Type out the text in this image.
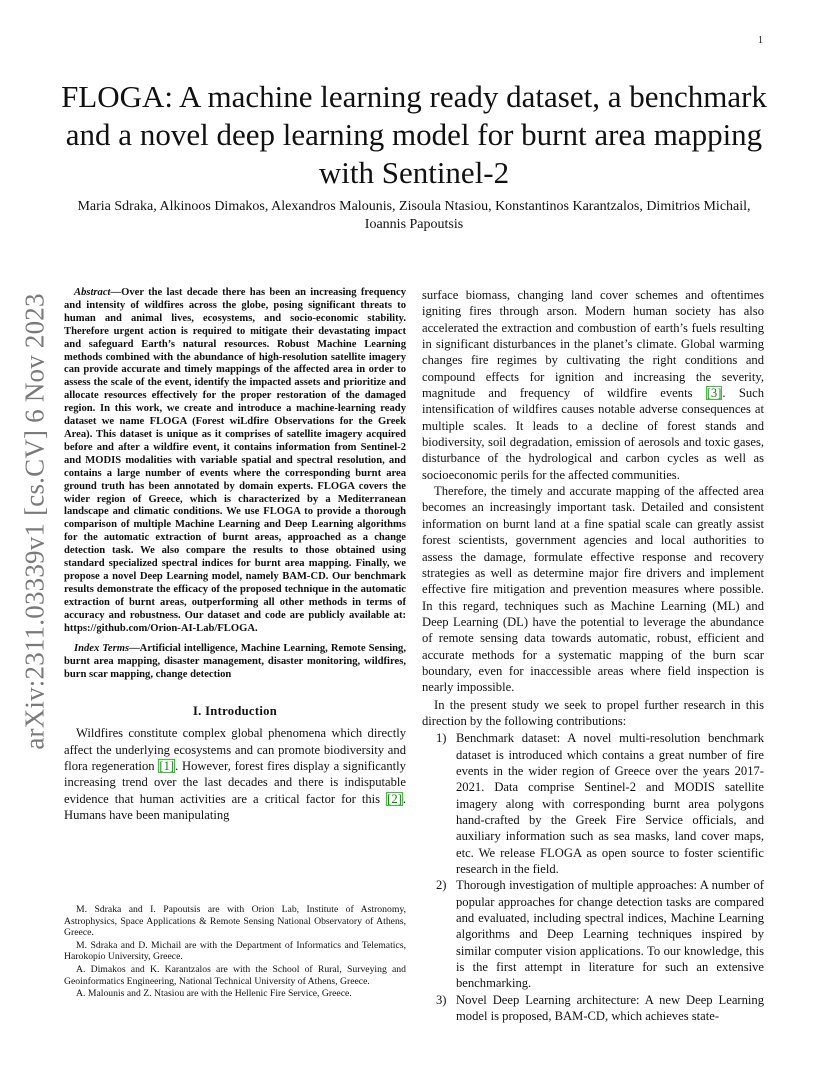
1
arXiv:2311.03339v1 [cs.CV] 6 Nov 2023
FLOGA: A machine learning ready dataset, a benchmark and a novel deep learning model for burnt area mapping with Sentinel-2
Maria Sdraka, Alkinoos Dimakos, Alexandros Malounis, Zisoula Ntasiou, Konstantinos Karantzalos, Dimitrios Michail, Ioannis Papoutsis

Abstract—Over the last decade there has been an increasing frequency and intensity of wildfires across the globe, posing significant threats to human and animal lives, ecosystems, and socio-economic stability. Therefore urgent action is required to mitigate their devastating impact and safeguard Earth’s natural resources. Robust Machine Learning methods combined with the abundance of high-resolution satellite imagery can provide accurate and timely mappings of the affected area in order to assess the scale of the event, identify the impacted assets and prioritize and allocate resources effectively for the proper restoration of the damaged region. In this work, we create and introduce a machine-learning ready dataset we name FLOGA (Forest wiLdfire Observations for the Greek Area). This dataset is unique as it comprises of satellite imagery acquired before and after a wildfire event, it contains information from Sentinel-2 and MODIS modalities with variable spatial and spectral resolution, and contains a large number of events where the corresponding burnt area ground truth has been annotated by domain experts. FLOGA covers the wider region of Greece, which is characterized by a Mediterranean landscape and climatic conditions. We use FLOGA to provide a thorough comparison of multiple Machine Learning and Deep Learning algorithms for the automatic extraction of burnt areas, approached as a change detection task. We also compare the results to those obtained using standard specialized spectral indices for burnt area mapping. Finally, we propose a novel Deep Learning model, namely BAM-CD. Our benchmark results demonstrate the efficacy of the proposed technique in the automatic extraction of burnt areas, outperforming all other methods in terms of accuracy and robustness. Our dataset and code are publicly available at: https://github.com/Orion-AI-Lab/FLOGA.

Index Terms—Artificial intelligence, Machine Learning, Remote Sensing, burnt area mapping, disaster management, disaster monitoring, wildfires, burn scar mapping, change detection

I. Introduction

Wildfires constitute complex global phenomena which directly affect the underlying ecosystems and can promote biodiversity and flora regeneration [1]. However, forest fires display a significantly increasing trend over the last decades and there is indisputable evidence that human activities are a critical factor for this [2]. Humans have been manipulating

surface biomass, changing land cover schemes and oftentimes igniting fires through arson. Modern human society has also accelerated the extraction and combustion of earth’s fuels resulting in significant disturbances in the planet’s climate. Global warming changes fire regimes by cultivating the right conditions and compound effects for ignition and increasing the severity, magnitude and frequency of wildfire events [3]. Such intensification of wildfires causes notable adverse consequences at multiple scales. It leads to a decline of forest stands and biodiversity, soil degradation, emission of aerosols and toxic gases, disturbance of the hydrological and carbon cycles as well as socioeconomic perils for the affected communities.

Therefore, the timely and accurate mapping of the affected area becomes an increasingly important task. Detailed and consistent information on burnt land at a fine spatial scale can greatly assist forest scientists, government agencies and local authorities to assess the damage, formulate effective response and recovery strategies as well as determine major fire drivers and implement effective fire mitigation and prevention measures where possible. In this regard, techniques such as Machine Learning (ML) and Deep Learning (DL) have the potential to leverage the abundance of remote sensing data towards automatic, robust, efficient and accurate methods for a systematic mapping of the burn scar boundary, even for inaccessible areas where field inspection is nearly impossible.

In the present study we seek to propel further research in this direction by the following contributions:

1) Benchmark dataset: A novel multi-resolution benchmark dataset is introduced which contains a great number of fire events in the wider region of Greece over the years 2017-2021. Data comprise Sentinel-2 and MODIS satellite imagery along with corresponding burnt area polygons hand-crafted by the Greek Fire Service officials, and auxiliary information such as sea masks, land cover maps, etc. We release FLOGA as open source to foster scientific research in the field.
2) Thorough investigation of multiple approaches: A number of popular approaches for change detection tasks are compared and evaluated, including spectral indices, Machine Learning algorithms and Deep Learning techniques inspired by similar computer vision applications. To our knowledge, this is the first attempt in literature for such an extensive benchmarking.
3) Novel Deep Learning architecture: A new Deep Learning model is proposed, BAM-CD, which achieves state-

M. Sdraka and I. Papoutsis are with Orion Lab, Institute of Astronomy, Astrophysics, Space Applications & Remote Sensing National Observatory of Athens, Greece.

M. Sdraka and D. Michail are with the Department of Informatics and Telematics, Harokopio University, Greece.

A. Dimakos and K. Karantzalos are with the School of Rural, Surveying and Geoinformatics Engineering, National Technical University of Athens, Greece.

A. Malounis and Z. Ntasiou are with the Hellenic Fire Service, Greece.
